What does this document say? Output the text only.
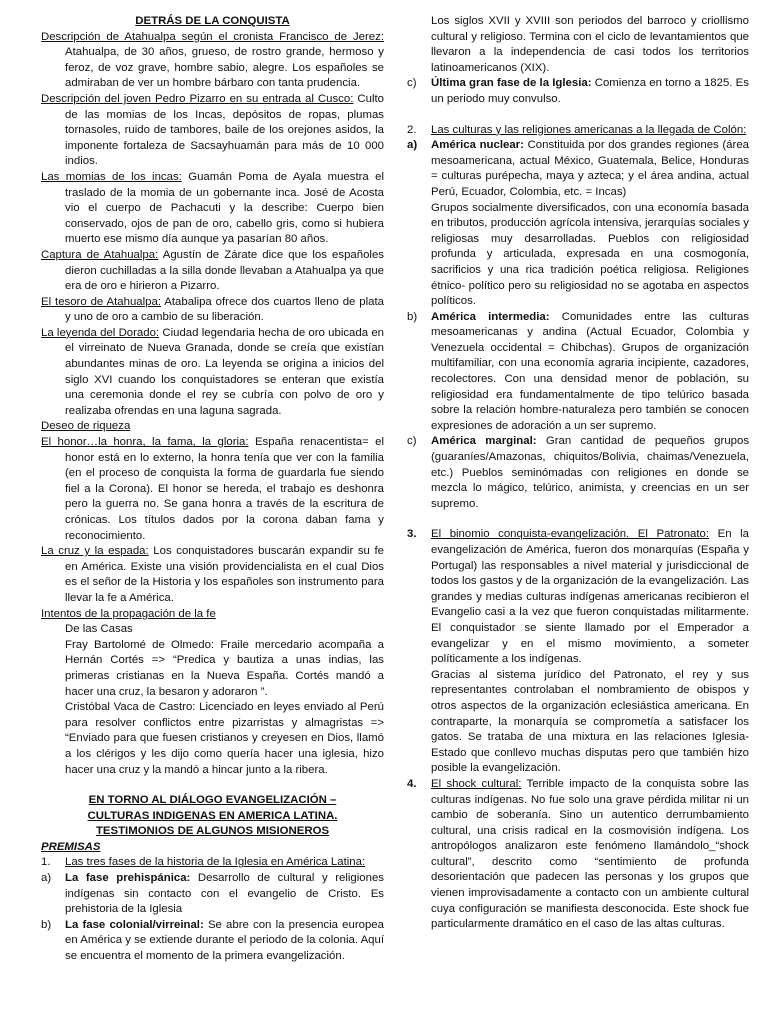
DETRÁS DE LA CONQUISTA

Descripción de Atahualpa según el cronista Francisco de Jerez: Atahualpa, de 30 años, grueso, de rostro grande, hermoso y feroz, de voz grave, hombre sabio, alegre. Los españoles se admiraban de ver un hombre bárbaro con tanta prudencia.

Descripción del joven Pedro Pizarro en su entrada al Cusco: Culto de las momias de los Incas, depósitos de ropas, plumas tornasoles, ruido de tambores, baile de los orejones asidos, la imponente fortaleza de Sacsayhuamán para más de 10 000 indios.

Las momias de los incas: Guamán Poma de Ayala muestra el traslado de la momia de un gobernante inca. José de Acosta vio el cuerpo de Pachacuti y la describe: Cuerpo bien conservado, ojos de pan de oro, cabello gris, como si hubiera muerto ese mismo día aunque ya pasarían 80 años.

Captura de Atahualpa: Agustín de Zárate dice que los españoles dieron cuchilladas a la silla donde llevaban a Atahualpa ya que era de oro e hirieron a Pizarro.

El tesoro de Atahualpa: Atabalipa ofrece dos cuartos lleno de plata y uno de oro a cambio de su liberación.

La leyenda del Dorado: Ciudad legendaria hecha de oro ubicada en el virreinato de Nueva Granada, donde se creía que existían abundantes minas de oro. La leyenda se origina a inicios del siglo XVI cuando los conquistadores se enteran que existía una ceremonia donde el rey se cubría con polvo de oro y realizaba ofrendas en una laguna sagrada.

Deseo de riqueza

El honor…la honra, la fama, la gloria: España renacentista= el honor está en lo externo, la honra tenía que ver con la familia (en el proceso de conquista la forma de guardarla fue siendo fiel a la Corona). El honor se hereda, el trabajo es deshonra pero la guerra no. Se gana honra a través de la escritura de crónicas. Los títulos dados por la corona daban fama y reconocimiento.

La cruz y la espada: Los conquistadores buscarán expandir su fe en América. Existe una visión providencialista en el cual Dios es el señor de la Historia y los españoles son instrumento para llevar la fe a América.

Intentos de la propagación de la fe

De las Casas

Fray Bartolomé de Olmedo: Fraile mercedario acompaña a Hernán Cortés => “Predica y bautiza a unas indias, las primeras cristianas en la Nueva España. Cortés mandó a hacer una cruz, la besaron y adoraron ”.

Cristóbal Vaca de Castro: Licenciado en leyes enviado al Perú para resolver conflictos entre pizarristas y almagristas => “Enviado para que fuesen cristianos y creyesen en Dios, llamó a los clérigos y les dijo como quería hacer una iglesia, hizo hacer una cruz y la mandó a hincar junto a la ribera.

EN TORNO AL DIÁLOGO EVANGELIZACIÓN – CULTURAS INDIGENAS EN AMERICA LATINA. TESTIMONIOS DE ALGUNOS MISIONEROS

PREMISAS

1.	Las tres fases de la historia de la Iglesia en América Latina:
a)	La fase prehispánica: Desarrollo de cultural y religiones indígenas sin contacto con el evangelio de Cristo. Es prehistoria de la Iglesia
b)	La fase colonial/virreinal: Se abre con la presencia europea en América y se extiende durante el periodo de la colonia. Aquí se encuentra el momento de la primera evangelización.

Los siglos XVII y XVIII son periodos del barroco y criollismo cultural y religioso. Termina con el ciclo de levantamientos que llevaron a la independencia de casi todos los territorios latinoamericanos (XIX).

c)	Última gran fase de la Iglesia: Comienza en torno a 1825. Es un periodo muy convulso.
2.	Las culturas y las religiones americanas a la llegada de Colón:
a)	América nuclear: Constituida por dos grandes regiones (área mesoamericana, actual México, Guatemala, Belice, Honduras = culturas purépecha, maya y azteca; y el área andina, actual Perú, Ecuador, Colombia, etc. = Incas)

Grupos socialmente diversificados, con una economía basada en tributos, producción agrícola intensiva, jerarquías sociales y religiosas muy desarrolladas. Pueblos con religiosidad profunda y articulada, expresada en una cosmogonía, sacrificios y una rica tradición poética religiosa. Religiones étnico- político pero su religiosidad no se agotaba en aspectos políticos.

b)	América intermedia: Comunidades entre las culturas mesoamericanas y andina (Actual Ecuador, Colombia y Venezuela occidental = Chibchas). Grupos de organización multifamiliar, con una economía agraria incipiente, cazadores, recolectores. Con una densidad menor de población, su religiosidad era fundamentalmente de tipo telúrico basada sobre la relación hombre-naturaleza pero también se conocen expresiones de adoración a un ser supremo.
c)	América marginal: Gran cantidad de pequeños grupos (guaraníes/Amazonas, chiquitos/Bolivia, chaimas/Venezuela, etc.) Pueblos seminómadas con religiones en donde se mezcla lo mágico, telúrico, animista, y creencias en un ser supremo.
3.	El binomio conquista-evangelización. El Patronato: En la evangelización de América, fueron dos monarquías (España y Portugal) las responsables a nivel material y jurisdiccional de todos los gastos y de la organización de la evangelización. Las grandes y medias culturas indígenas americanas recibieron el Evangelio casi a la vez que fueron conquistadas militarmente. El conquistador se siente llamado por el Emperador a evangelizar y en el mismo movimiento, a someter políticamente a los indígenas.

Gracias al sistema jurídico del Patronato, el rey y sus representantes controlaban el nombramiento de obispos y otros aspectos de la organización eclesiástica americana. En contraparte, la monarquía se comprometía a satisfacer los gatos. Se trataba de una mixtura en las relaciones Iglesia-Estado que conllevo muchas disputas pero que también hizo posible la evangelización.

4.	El shock cultural: Terrible impacto de la conquista sobre las culturas indígenas. No fue solo una grave pérdida militar ni un cambio de soberanía. Sino un autentico derrumbamiento cultural, una crisis radical en la cosmovisión indígena. Los antropólogos analizaron este fenómeno llamándolo_“shock cultural”, descrito como “sentimiento de profunda desorientación que padecen las personas y los grupos que vienen improvisadamente a contacto con un ambiente cultural cuya configuración se manifiesta desconocida. Este shock fue particularmente dramático en el caso de las altas culturas.
